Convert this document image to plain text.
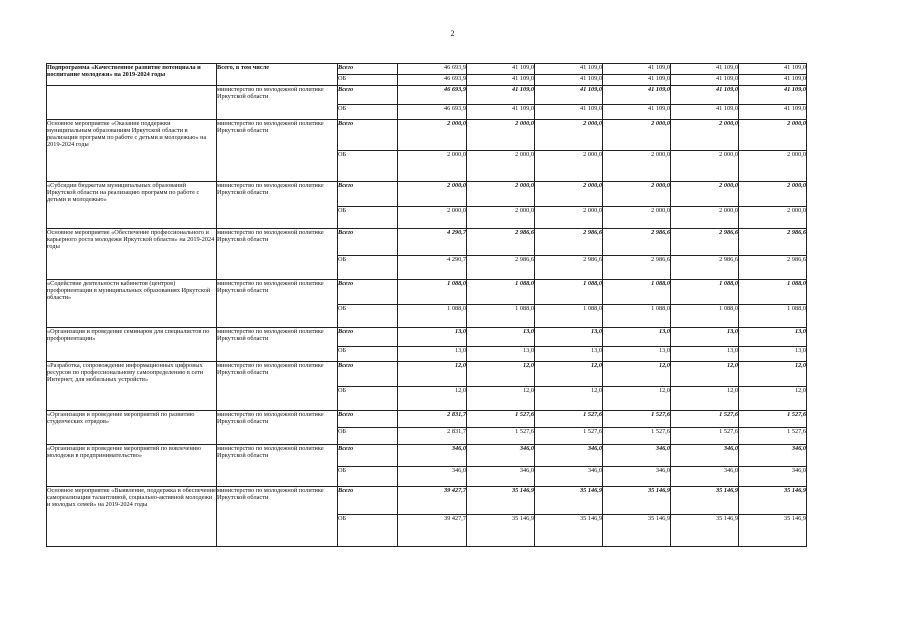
2
Подпрограмма «Качественное развитие потенциала и воспитание молодежи» на 2019-2024 годы	Всего, в том числе	Всего	46 693,9	41 109,0	41 109,0	41 109,0	41 109,0	41 109,0
		ОБ	46 693,9	41 109,0	41 109,0	41 109,0	41 109,0	41 109,0
	министерство по молодежной политике Иркутской области	Всего	46 693,9	41 109,0	41 109,0	41 109,0	41 109,0	41 109,0
		ОБ	46 693,9	41 109,0	41 109,0	41 109,0	41 109,0	41 109,0
Основное мероприятие «Оказание поддержки муниципальным образованиям Иркутской области в реализации программ по работе с детьми и молодежью» на 2019-2024 годы	министерство по молодежной политике Иркутской области	Всего	2 000,0	2 000,0	2 000,0	2 000,0	2 000,0	2 000,0
		ОБ	2 000,0	2 000,0	2 000,0	2 000,0	2 000,0	2 000,0
«Субсидии бюджетам муниципальных образований Иркутской области на реализацию программ по работе с детьми и молодежью»	министерство по молодежной политике Иркутской области	Всего	2 000,0	2 000,0	2 000,0	2 000,0	2 000,0	2 000,0
		ОБ	2 000,0	2 000,0	2 000,0	2 000,0	2 000,0	2 000,0
Основное мероприятие «Обеспечение профессионального и карьерного роста молодежи Иркутской области» на 2019-2024 годы	министерство по молодежной политике Иркутской области	Всего	4 290,7	2 986,6	2 986,6	2 986,6	2 986,6	2 986,6
		ОБ	4 290,7	2 986,6	2 986,6	2 986,6	2 986,6	2 986,6
«Содействие деятельности кабинетов (центров) профориентации в муниципальных образованиях Иркутской области»	министерство по молодежной политике Иркутской области	Всего	1 088,0	1 088,0	1 088,0	1 088,0	1 088,0	1 088,0
		ОБ	1 088,0	1 088,0	1 088,0	1 088,0	1 088,0	1 088,0
«Организация и проведение семинаров для специалистов по профориентации»	министерство по молодежной политике Иркутской области	Всего	13,0	13,0	13,0	13,0	13,0	13,0
		ОБ	13,0	13,0	13,0	13,0	13,0	13,0
«Разработка, сопровождение информационных цифровых ресурсов по профессиональному самоопределению в сети Интернет, для мобильных устройств»	министерство по молодежной политике Иркутской области	Всего	12,0	12,0	12,0	12,0	12,0	12,0
		ОБ	12,0	12,0	12,0	12,0	12,0	12,0
«Организация и проведение мероприятий по развитию студенческих отрядов»	министерство по молодежной политике Иркутской области	Всего	2 831,7	1 527,6	1 527,6	1 527,6	1 527,6	1 527,6
		ОБ	2 831,7	1 527,6	1 527,6	1 527,6	1 527,6	1 527,6
«Организация и проведение мероприятий по вовлечению молодежи в предпринимательство»	министерство по молодежной политике Иркутской области	Всего	346,0	346,0	346,0	346,0	346,0	346,0
		ОБ	346,0	346,0	346,0	346,0	346,0	346,0
Основное мероприятие «Выявление, поддержка и обеспечение самореализации талантливой, социально-активной молодежи и молодых семей» на 2019-2024 годы	министерство по молодежной политике Иркутской области	Всего	39 427,7	35 146,9	35 146,9	35 146,9	35 146,9	35 146,9
		ОБ	39 427,7	35 146,9	35 146,9	35 146,9	35 146,9	35 146,9
